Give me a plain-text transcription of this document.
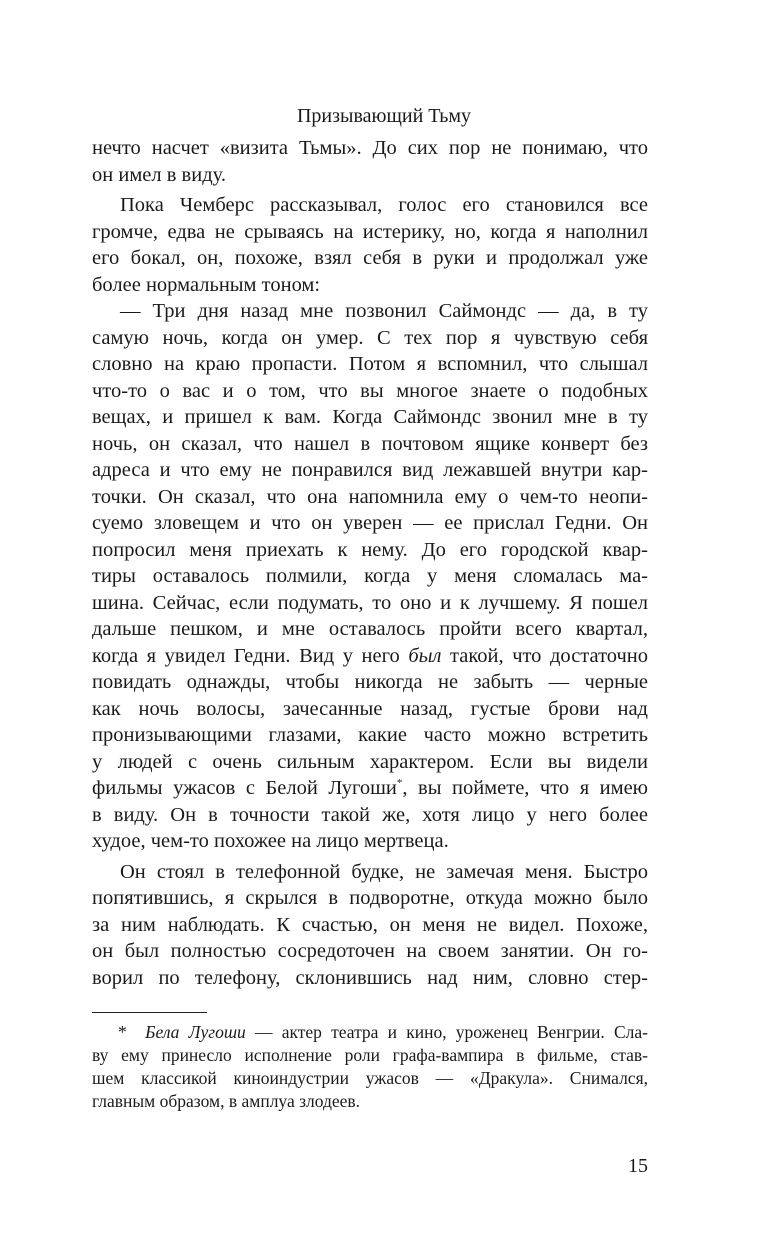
Призывающий Тьму

нечто насчет «визита Тьмы». До сих пор не понимаю, что
он имел в виду.

Пока Чемберс рассказывал, голос его становился все
громче, едва не срываясь на истерику, но, когда я наполнил
его бокал, он, похоже, взял себя в руки и продолжал уже
более нормальным тоном:

— Три дня назад мне позвонил Саймондс — да, в ту
самую ночь, когда он умер. С тех пор я чувствую себя
словно на краю пропасти. Потом я вспомнил, что слышал
что-то о вас и о том, что вы многое знаете о подобных
вещах, и пришел к вам. Когда Саймондс звонил мне в ту
ночь, он сказал, что нашел в почтовом ящике конверт без
адреса и что ему не понравился вид лежавшей внутри кар-
точки. Он сказал, что она напомнила ему о чем-то неопи-
суемо зловещем и что он уверен — ее прислал Гедни. Он
попросил меня приехать к нему. До его городской квар-
тиры оставалось полмили, когда у меня сломалась ма-
шина. Сейчас, если подумать, то оно и к лучшему. Я пошел
дальше пешком, и мне оставалось пройти всего квартал,
когда я увидел Гедни. Вид у него был такой, что достаточно
повидать однажды, чтобы никогда не забыть — черные
как ночь волосы, зачесанные назад, густые брови над
пронизывающими глазами, какие часто можно встретить
у людей с очень сильным характером. Если вы видели
фильмы ужасов с Белой Лугоши*, вы поймете, что я имею
в виду. Он в точности такой же, хотя лицо у него более
худое, чем-то похожее на лицо мертвеца.

Он стоял в телефонной будке, не замечая меня. Быстро
попятившись, я скрылся в подворотне, откуда можно было
за ним наблюдать. К счастью, он меня не видел. Похоже,
он был полностью сосредоточен на своем занятии. Он го-
ворил по телефону, склонившись над ним, словно стер-

* Бела Лугоши — актер театра и кино, уроженец Венгрии. Сла-
ву ему принесло исполнение роли графа-вампира в фильме, став-
шем классикой киноиндустрии ужасов — «Дракула». Снимался,
главным образом, в амплуа злодеев.
15
